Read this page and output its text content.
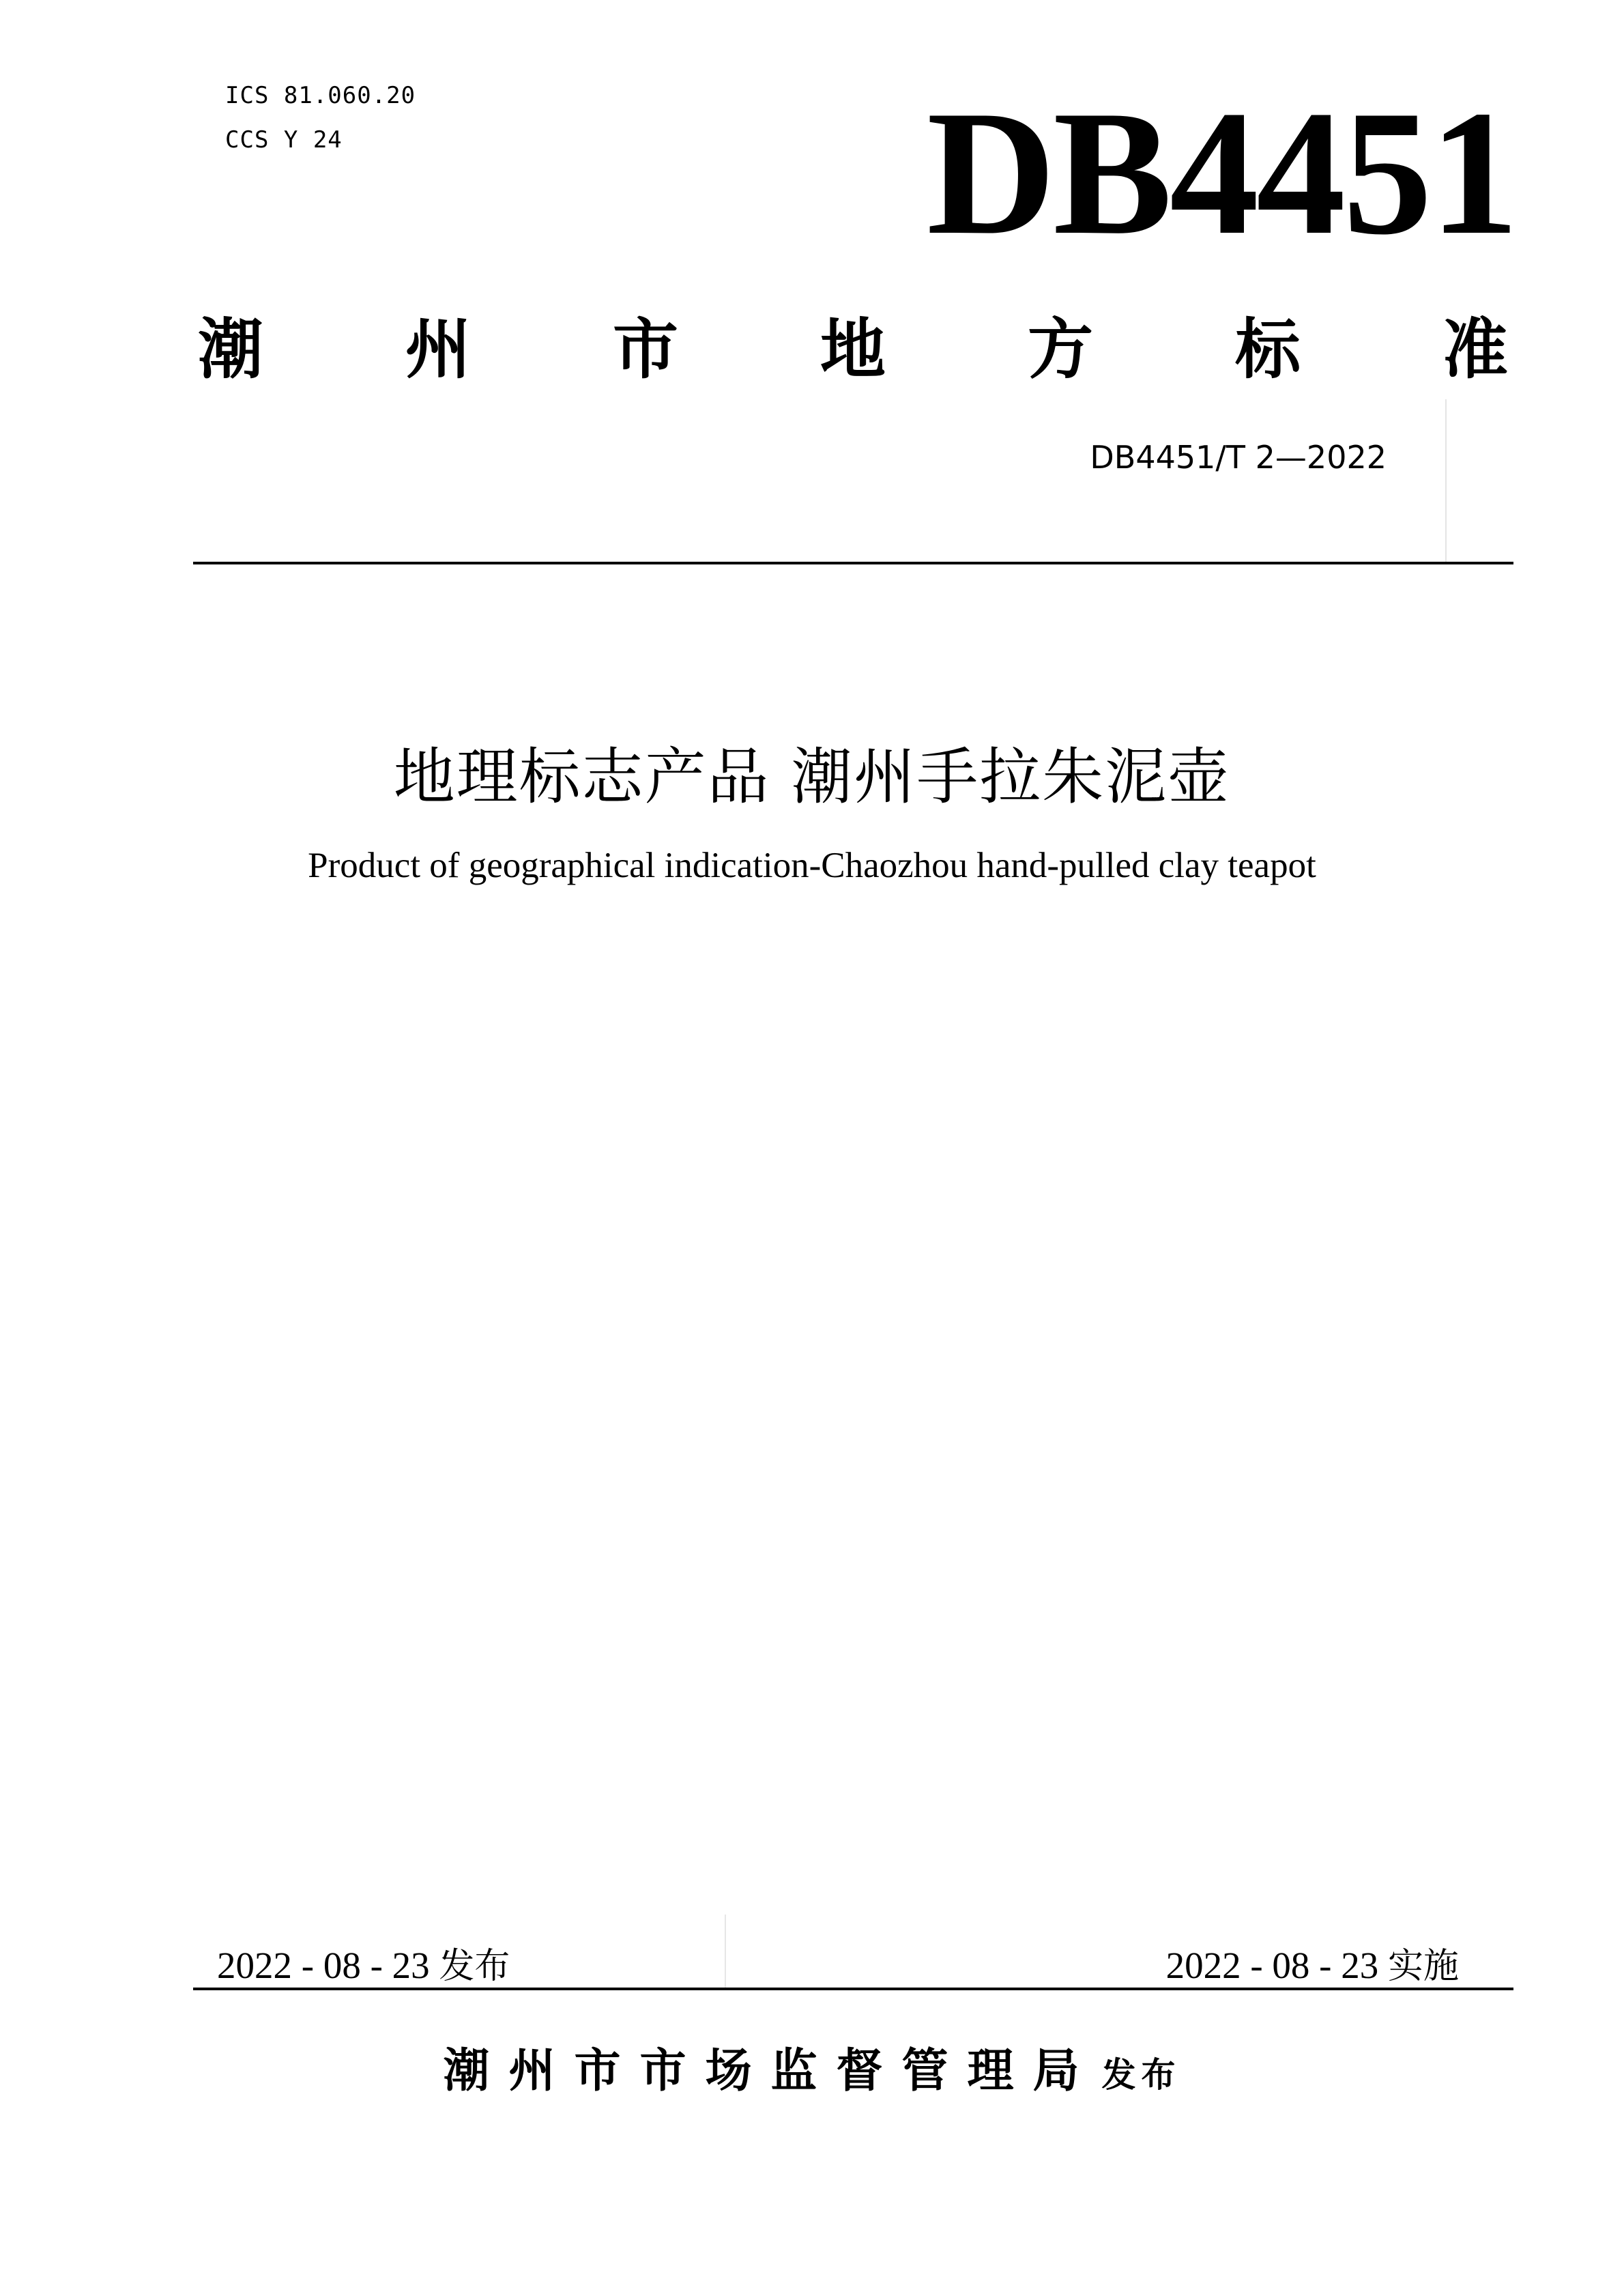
ICS 81.060.20
CCS Y 24	DB4451
潮 州 市 地 方 标 准
DB4451/T 2—2022
地理标志产品 潮州手拉朱泥壶
Product of geographical indication-Chaozhou hand-pulled clay teapot
2022 - 08 - 23 发布	2022 - 08 - 23 实施
潮州市市场监督管理局 发布
